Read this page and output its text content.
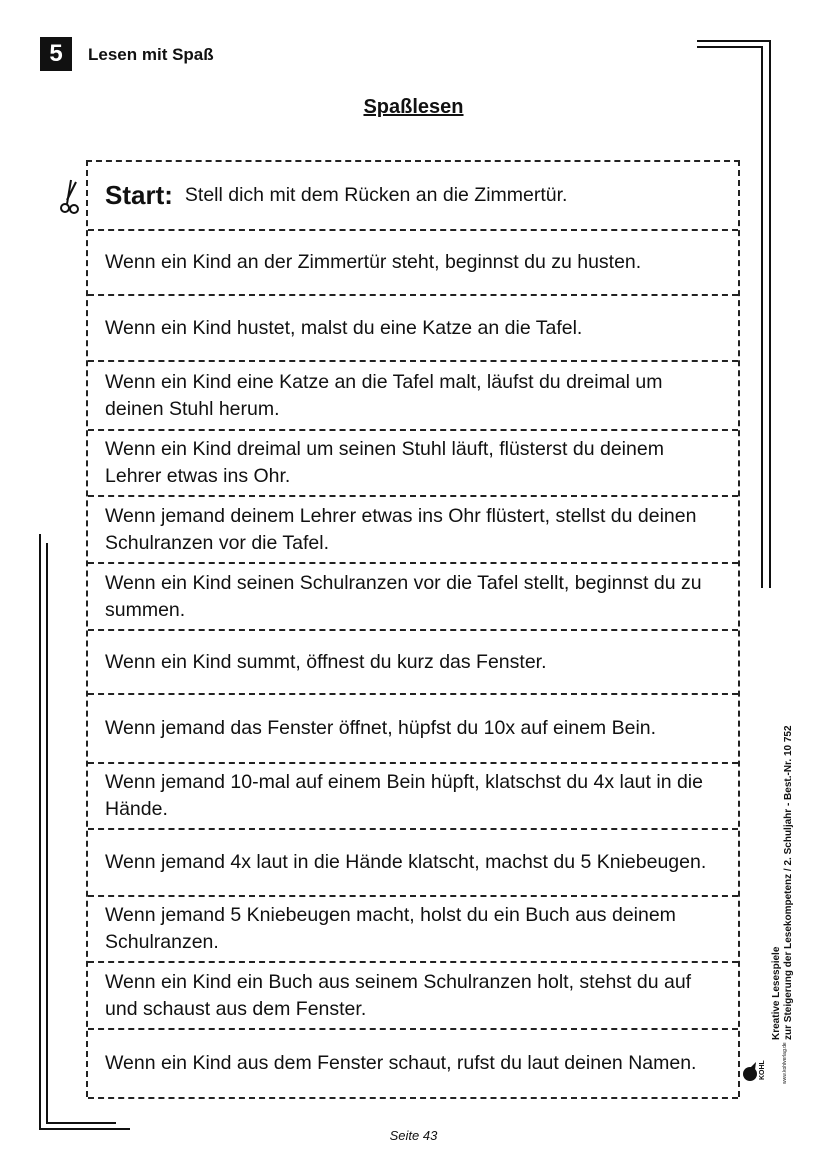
5	Lesen mit Spaß
Spaßlesen
Start: Stell dich mit dem Rücken an die Zimmertür.
Wenn ein Kind an der Zimmertür steht, beginnst du zu husten.
Wenn ein Kind hustet, malst du eine Katze an die Tafel.
Wenn ein Kind eine Katze an die Tafel malt, läufst du dreimal um deinen Stuhl herum.
Wenn ein Kind dreimal um seinen Stuhl läuft, flüsterst du deinem Lehrer etwas ins Ohr.
Wenn jemand deinem Lehrer etwas ins Ohr flüstert, stellst du deinen Schulranzen vor die Tafel.
Wenn ein Kind seinen Schulranzen vor die Tafel stellt, beginnst du zu summen.
Wenn ein Kind summt, öffnest du kurz das Fenster.
Wenn jemand das Fenster öffnet, hüpfst du 10x auf einem Bein.
Wenn jemand 10-mal auf einem Bein hüpft, klatschst du 4x laut in die Hände.
Wenn jemand 4x laut in die Hände klatscht, machst du 5 Kniebeugen.
Wenn jemand 5 Kniebeugen macht, holst du ein Buch aus deinem Schulranzen.
Wenn ein Kind ein Buch aus seinem Schulranzen holt, stehst du auf und schaust aus dem Fenster.
Wenn ein Kind aus dem Fenster schaut, rufst du laut deinen Namen.
Kreative Lesespiele zur Steigerung der Lesekompetenz / 2. Schuljahr - Best.-Nr. 10 752
KOHL	www.kohlverlag.de
Seite 43
